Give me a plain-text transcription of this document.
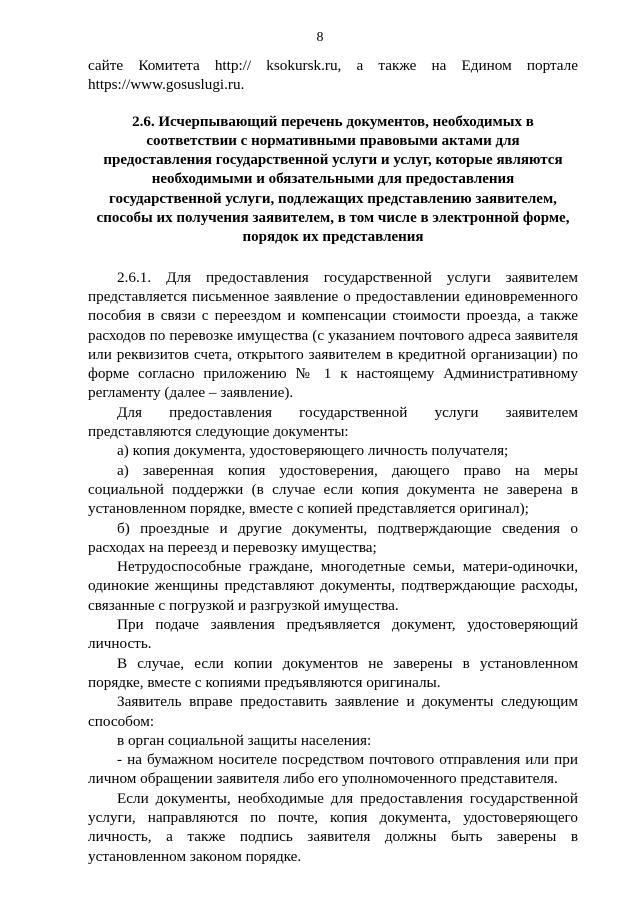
8

сайте Комитета http:// ksokursk.ru, а также на Едином портале

https://www.gosuslugi.ru.

2.6. Исчерпывающий перечень документов, необходимых в соответствии с нормативными правовыми актами для предоставления государственной услуги и услуг, которые являются необходимыми и обязательными для предоставления государственной услуги, подлежащих представлению заявителем, способы их получения заявителем, в том числе в электронной форме, порядок их представления

2.6.1. Для предоставления государственной услуги заявителем представляется письменное заявление о предоставлении единовременного пособия в связи с переездом и компенсации стоимости проезда, а также расходов по перевозке имущества (с указанием почтового адреса заявителя или реквизитов счета, открытого заявителем в кредитной организации) по форме согласно приложению № 1 к настоящему Административному регламенту (далее – заявление).

Для предоставления государственной услуги заявителем представляются следующие документы:

а) копия документа, удостоверяющего личность получателя;

а) заверенная копия удостоверения, дающего право на меры социальной поддержки (в случае если копия документа не заверена в установленном порядке, вместе с копией представляется оригинал);

б) проездные и другие документы, подтверждающие сведения о расходах на переезд и перевозку имущества;

Нетрудоспособные граждане, многодетные семьи, матери-одиночки, одинокие женщины представляют документы, подтверждающие расходы, связанные с погрузкой и разгрузкой имущества.

При подаче заявления предъявляется документ, удостоверяющий личность.

В случае, если копии документов не заверены в установленном порядке, вместе с копиями предъявляются оригиналы.

Заявитель вправе предоставить заявление и документы следующим способом:

в орган социальной защиты населения:

- на бумажном носителе посредством почтового отправления или при личном обращении заявителя либо его уполномоченного представителя.

Если документы, необходимые для предоставления государственной услуги, направляются по почте, копия документа, удостоверяющего личность, а также подпись заявителя должны быть заверены в установленном законом порядке.
